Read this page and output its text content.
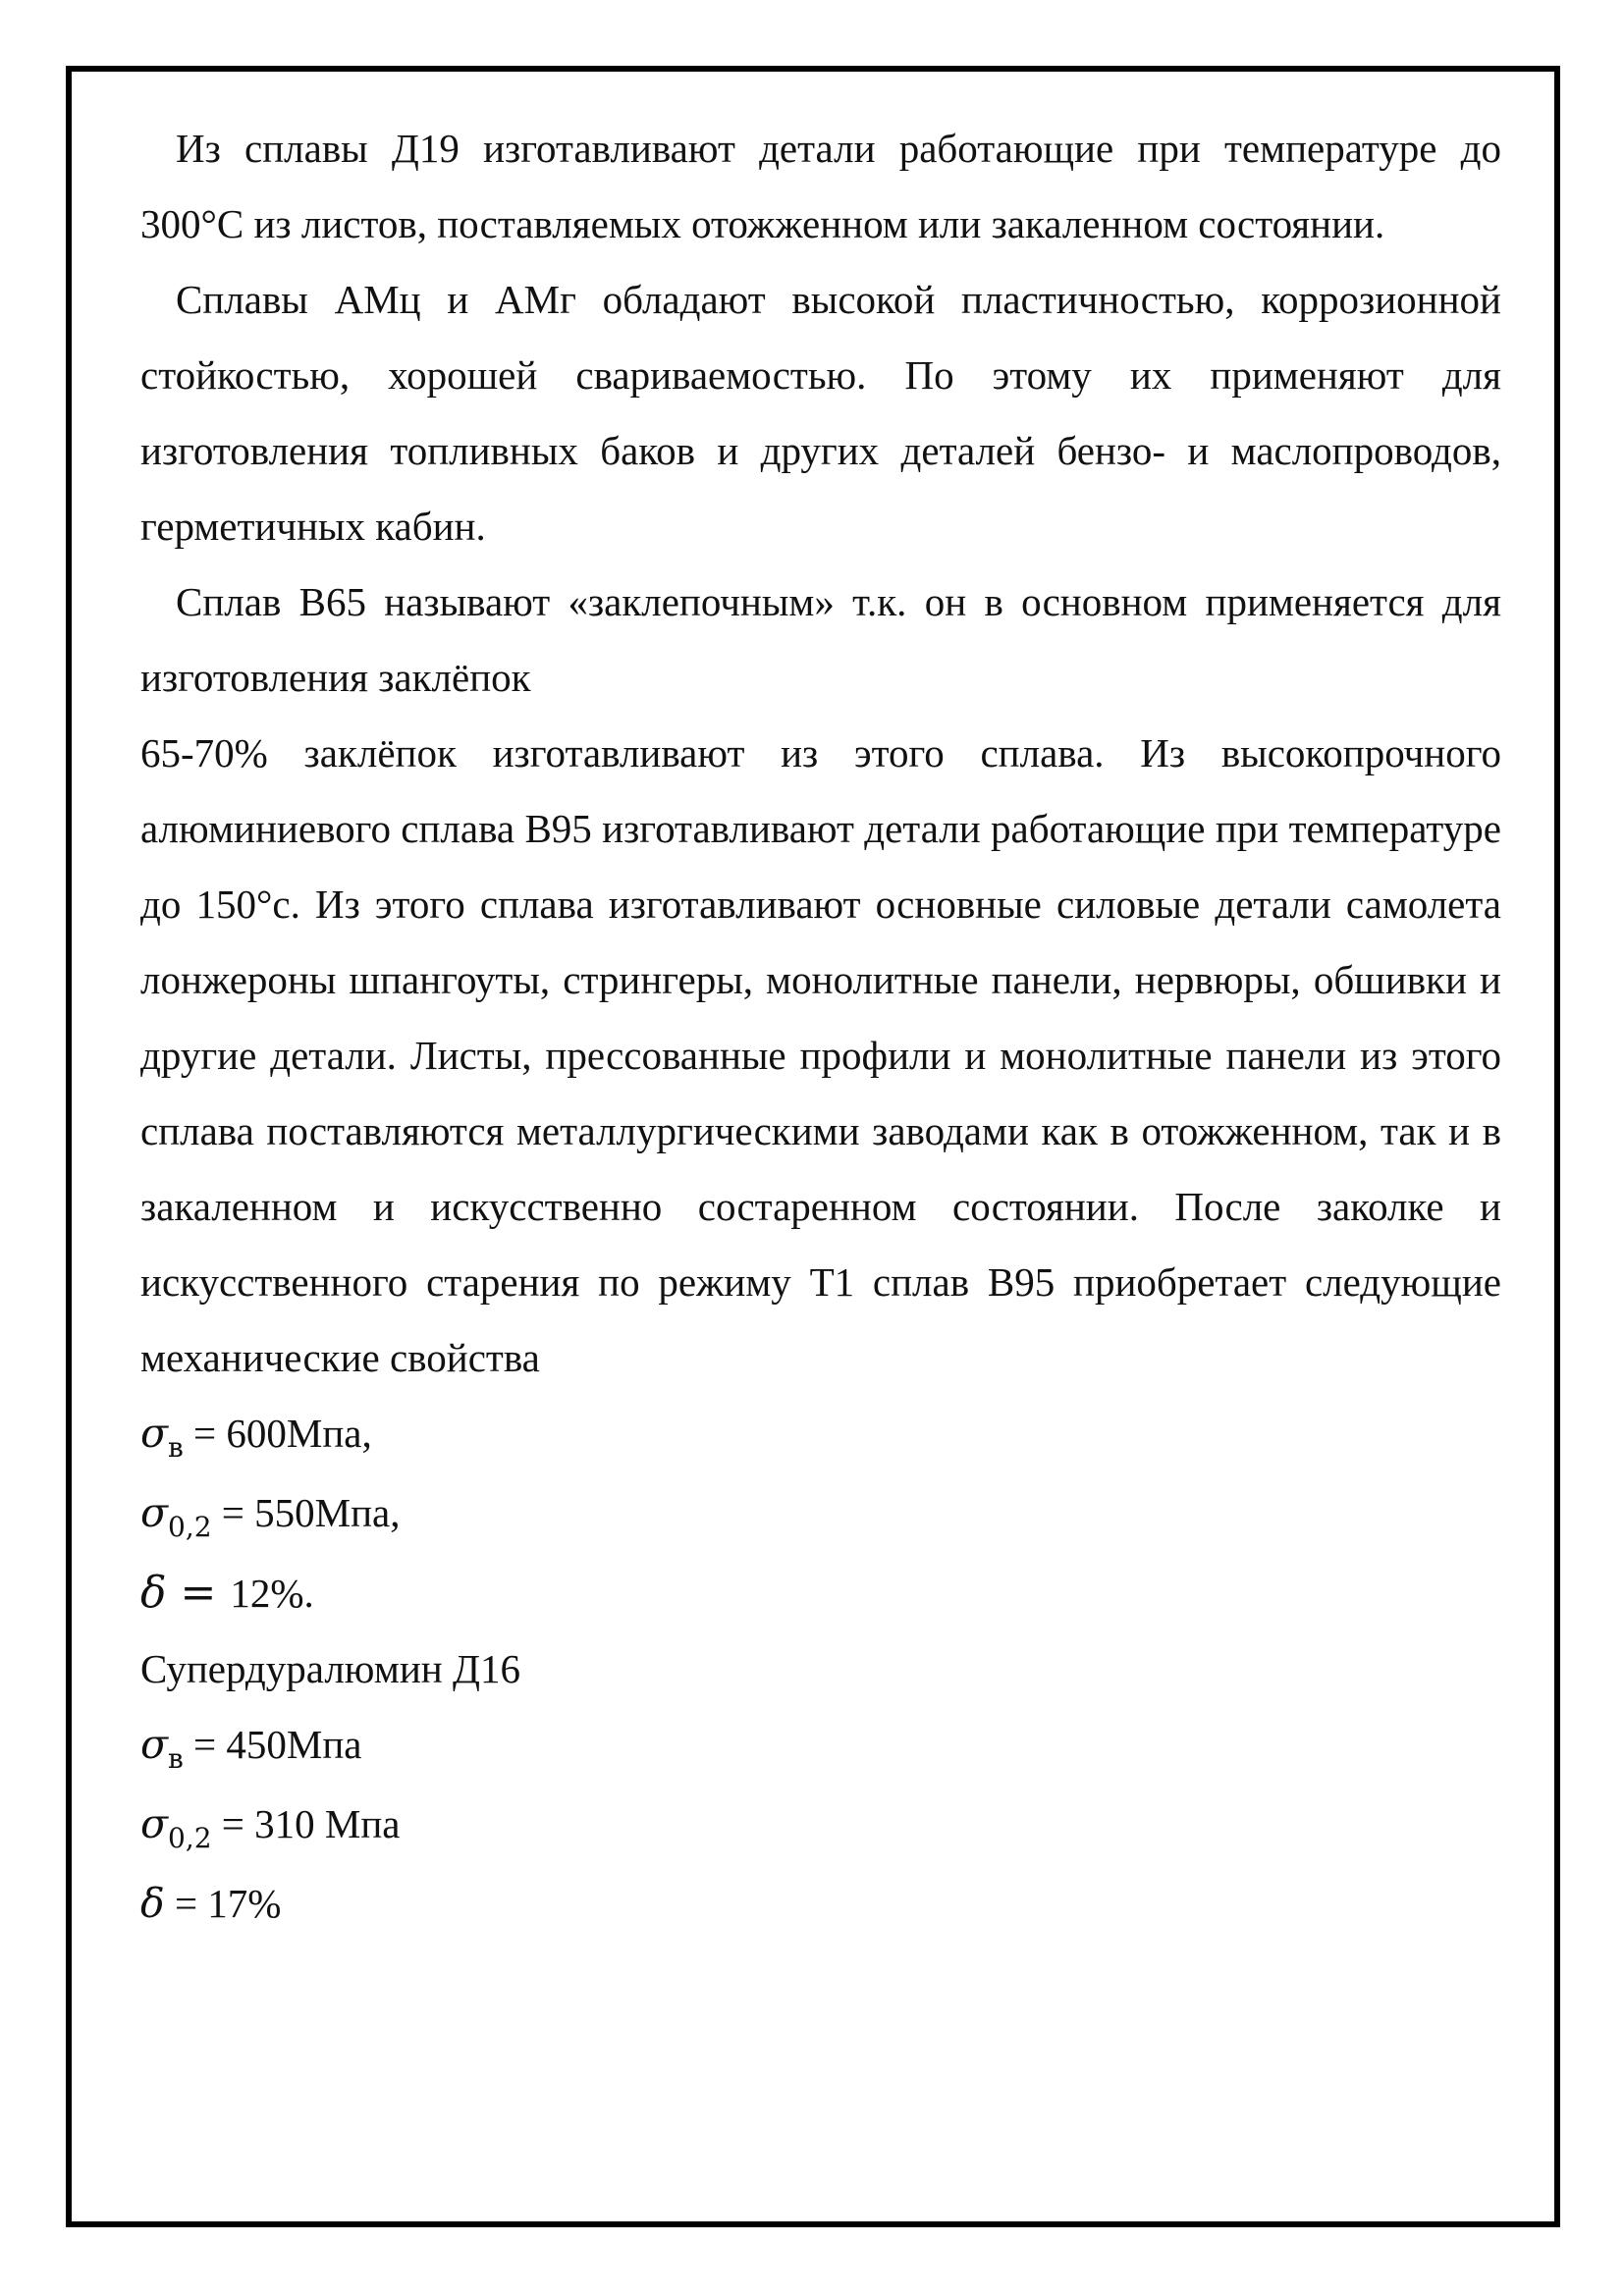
Из сплавы Д19 изготавливают детали работающие при температуре до 300°С из листов, поставляемых отожженном или закаленном состоянии.

Сплавы АМц и АМг обладают высокой пластичностью, коррозионной стойкостью, хорошей свариваемостью. По этому их применяют для изготовления топливных баков и других деталей бензо- и маслопроводов, герметичных кабин.

Сплав В65 называют «заклепочным» т.к. он в основном применяется для изготовления заклёпок

65-70% заклёпок изготавливают из этого сплава. Из высокопрочного алюминиевого сплава В95 изготавливают детали работающие при температуре до 150°с. Из этого сплава изготавливают основные силовые детали самолета лонжероны шпангоуты, стрингеры, монолитные панели, нервюры, обшивки и другие детали. Листы, прессованные профили и монолитные панели из этого сплава поставляются металлургическими заводами как в отожженном, так и в закаленном и искусственно состаренном состоянии. После заколке и искусственного старения по режиму Т1 сплав В95 приобретает следующие механические свойства

$\sigma_в = 600Мпа$,

$\sigma_{0,2} = 550Мпа$,

δ = 12%.

Супердуралюмин Д16

$\sigma_в = 450Мпа$

$\sigma_{0,2} = 310$ Мпа

δ = 17%
